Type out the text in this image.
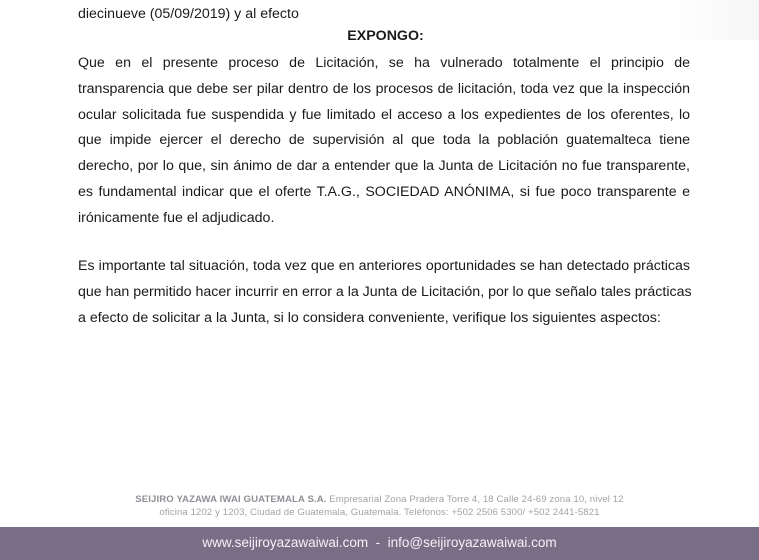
diecinueve (05/09/2019) y al efecto
EXPONGO:
Que en el presente proceso de Licitación, se ha vulnerado totalmente el principio de
transparencia que debe ser pilar dentro de los procesos de licitación, toda vez que la inspección
ocular solicitada fue suspendida y fue limitado el acceso a los expedientes de los oferentes, lo
que impide ejercer el derecho de supervisión al que toda la población guatemalteca tiene
derecho, por lo que, sin ánimo de dar a entender que la Junta de Licitación no fue transparente,
es fundamental indicar que el oferte T.A.G., SOCIEDAD ANÓNIMA, si fue poco transparente e
irónicamente fue el adjudicado.
Es importante tal situación, toda vez que en anteriores oportunidades se han detectado prácticas
que han permitido hacer incurrir en error a la Junta de Licitación, por lo que señalo tales prácticas
a efecto de solicitar a la Junta, si lo considera conveniente, verifique los siguientes aspectos:
SEIJIRO YAZAWA IWAI GUATEMALA S.A. Empresarial Zona Pradera Torre 4, 18 Calle 24-69 zona 10, nivel 12
oficina 1202 y 1203, Ciudad de Guatemala, Guatemala. Teléfonos: +502 2506 5300/ +502 2441-5821
www.seijiroyazawaiwai.com  -  info@seijiroyazawaiwai.com
